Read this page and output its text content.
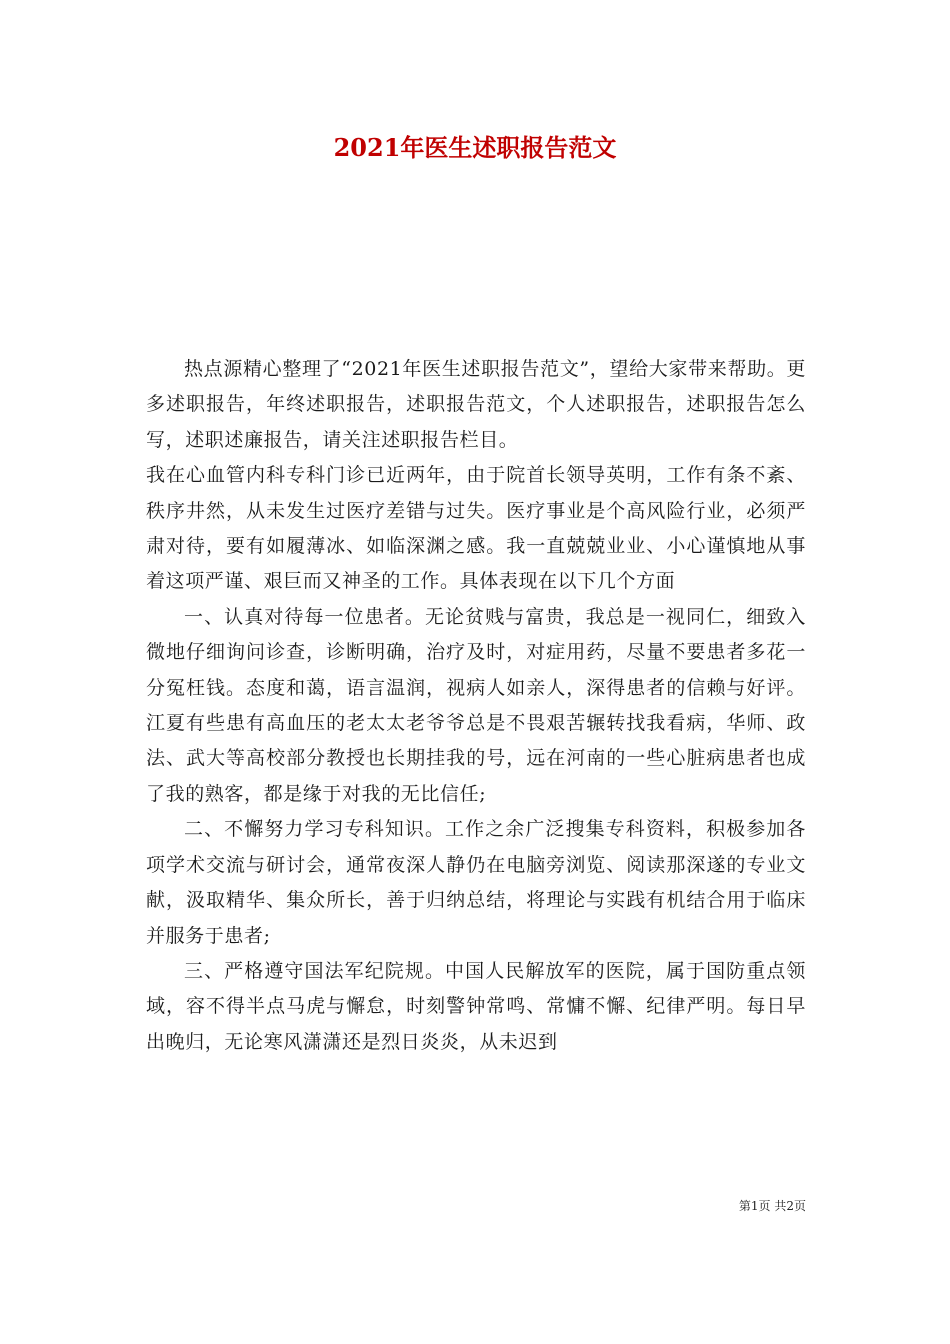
2021年医生述职报告范文

热点源精心整理了“2021年医生述职报告范文”，望给大家带来帮助。更多述职报告，年终述职报告，述职报告范文，个人述职报告，述职报告怎么写，述职述廉报告，请关注述职报告栏目。

我在心血管内科专科门诊已近两年，由于院首长领导英明，工作有条不紊、秩序井然，从未发生过医疗差错与过失。医疗事业是个高风险行业，必须严肃对待，要有如履薄冰、如临深渊之感。我一直兢兢业业、小心谨慎地从事着这项严谨、艰巨而又神圣的工作。具体表现在以下几个方面

一、认真对待每一位患者。无论贫贱与富贵，我总是一视同仁，细致入微地仔细询问诊查，诊断明确，治疗及时，对症用药，尽量不要患者多花一分冤枉钱。态度和蔼，语言温润，视病人如亲人，深得患者的信赖与好评。江夏有些患有高血压的老太太老爷爷总是不畏艰苦辗转找我看病，华师、政法、武大等高校部分教授也长期挂我的号，远在河南的一些心脏病患者也成了我的熟客，都是缘于对我的无比信任;

二、不懈努力学习专科知识。工作之余广泛搜集专科资料，积极参加各项学术交流与研讨会，通常夜深人静仍在电脑旁浏览、阅读那深遂的专业文献，汲取精华、集众所长，善于归纳总结，将理论与实践有机结合用于临床并服务于患者;

三、严格遵守国法军纪院规。中国人民解放军的医院，属于国防重点领域，容不得半点马虎与懈怠，时刻警钟常鸣、常慵不懈、纪律严明。每日早出晚归，无论寒风潇潇还是烈日炎炎，从未迟到

第1页 共2页
